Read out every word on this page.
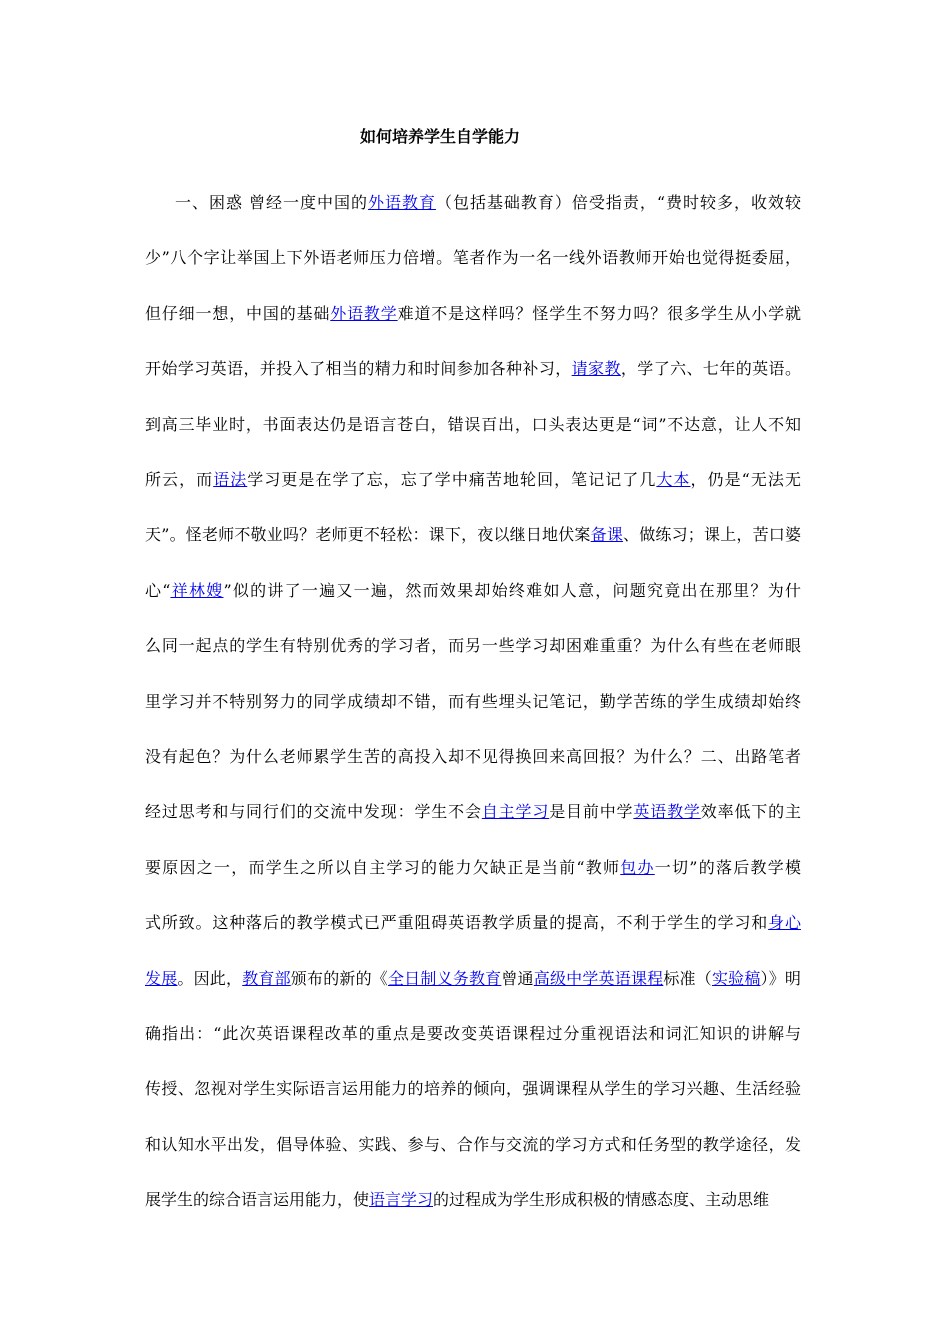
如何培养学生自学能力
一、困惑 曾经一度中国的外语教育（包括基础教育）倍受指责，“费时较多，收效较
少”八个字让举国上下外语老师压力倍增。笔者作为一名一线外语教师开始也觉得挺委屈，
但仔细一想，中国的基础外语教学难道不是这样吗？怪学生不努力吗？很多学生从小学就
开始学习英语，并投入了相当的精力和时间参加各种补习，请家教，学了六、七年的英语。
到高三毕业时，书面表达仍是语言苍白，错误百出，口头表达更是“词”不达意，让人不知
所云，而语法学习更是在学了忘，忘了学中痛苦地轮回，笔记记了几大本，仍是“无法无
天”。怪老师不敬业吗？老师更不轻松：课下，夜以继日地伏案备课、做练习；课上，苦口婆
心“祥林嫂”似的讲了一遍又一遍，然而效果却始终难如人意，问题究竟出在那里？为什
么同一起点的学生有特别优秀的学习者，而另一些学习却困难重重？为什么有些在老师眼
里学习并不特别努力的同学成绩却不错，而有些埋头记笔记，勤学苦练的学生成绩却始终
没有起色？为什么老师累学生苦的高投入却不见得换回来高回报？为什么？二、出路笔者
经过思考和与同行们的交流中发现：学生不会自主学习是目前中学英语教学效率低下的主
要原因之一，而学生之所以自主学习的能力欠缺正是当前“教师包办一切”的落后教学模
式所致。这种落后的教学模式已严重阻碍英语教学质量的提高，不利于学生的学习和身心
发展。因此，教育部颁布的新的《全日制义务教育曾通高级中学英语课程标准（实验稿）》明
确指出：“此次英语课程改革的重点是要改变英语课程过分重视语法和词汇知识的讲解与
传授、忽视对学生实际语言运用能力的培养的倾向，强调课程从学生的学习兴趣、生活经验
和认知水平出发，倡导体验、实践、参与、合作与交流的学习方式和任务型的教学途径，发
展学生的综合语言运用能力，使语言学习的过程成为学生形成积极的情感态度、主动思维
